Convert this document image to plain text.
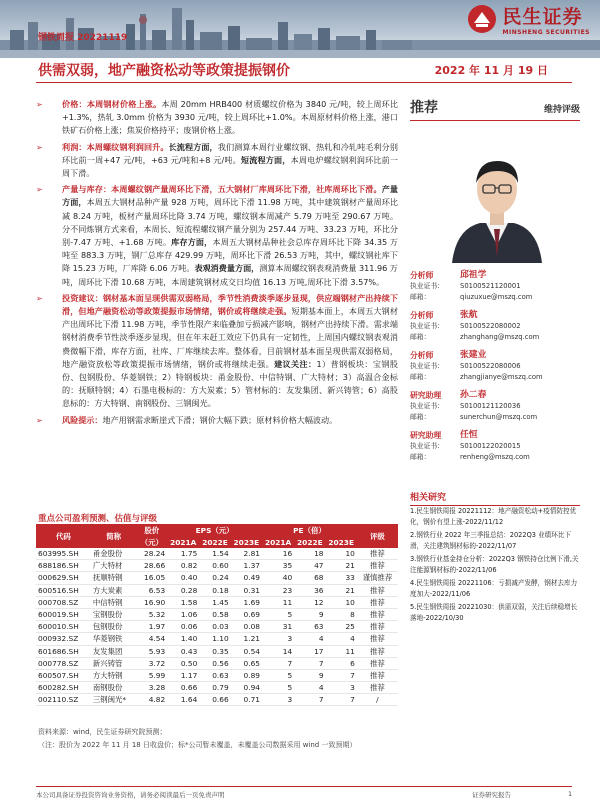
民生证券
MINSHENG SECURITIES
钢铁周报 20221119
供需双弱，地产融资松动等政策提振钢价	2022 年 11 月 19 日
➢ 价格：本周钢材价格上涨。本周 20mm HRB400 材质螺纹价格为 3840 元/吨，较上周环比+1.3%，热轧 3.0mm 价格为 3930 元/吨，较上周环比+1.0%。本周原材料价格上涨，港口铁矿石价格上涨；焦炭价格持平；废钢价格上涨。
➢ 利润：本周螺纹钢利润回升。长流程方面，我们测算本周行业螺纹钢、热轧和冷轧吨毛利分别环比前一周+47 元/吨，+63 元/吨和+8 元/吨。短流程方面，本周电炉螺纹钢利润环比前一周下滑。
➢ 产量与库存：本周螺纹钢产量周环比下滑，五大钢材厂库周环比下滑，社库周环比下滑。产量方面，本周五大钢材品种产量 928 万吨，周环比下滑 11.98 万吨，其中建筑钢材产量周环比减 8.24 万吨，板材产量周环比降 3.74 万吨，螺纹钢本周减产 5.79 万吨至 290.67 万吨。分不同炼钢方式来看，本周长、短流程螺纹钢产量分别为 257.44 万吨、33.23 万吨，环比分别-7.47 万吨、+1.68 万吨。库存方面，本周五大钢材品种社会总库存周环比下降 34.35 万吨至 883.3 万吨，钢厂总库存 429.99 万吨，周环比下滑 26.53 万吨，其中，螺纹钢社库下降 15.23 万吨，厂库降 6.06 万吨。表观消费量方面，测算本周螺纹钢表观消费量 311.96 万吨，周环比下滑 10.68 万吨，本周建筑钢材成交日均值 16.13 万吨,周环比下滑 3.57%。
➢ 投资建议：钢材基本面呈现供需双弱格局，季节性消费淡季逐步显现，供应端钢材产出持续下滑，但地产融资松动等政策提振市场情绪，钢价或将继续走强。短期基本面上，本周五大钢材产出周环比下滑 11.98 万吨，季节性限产来临叠加亏损减产影响，钢材产出持续下滑。需求端钢材消费季节性淡季逐步显现，但在年末赶工效应下仍具有一定韧性，上周国内螺纹钢表观消费微幅下滑，库存方面，社库、厂库继续去库。整体看，目前钢材基本面呈现供需双弱格局，地产融资放松等政策提振市场情绪，钢价或将继续走强。建议关注：1）普钢板块：宝钢股份、包钢股份、华菱钢铁；2）特钢板块：甬金股份、中信特钢、广大特材；3）高温合金标的：抚顺特钢；4）石墨电极标的：方大炭素；5）管材标的：友发集团、新兴铸管；6）高股息标的：方大特钢、南钢股份、三钢闽光。
➢ 风险提示：地产用钢需求断崖式下滑；钢价大幅下跌；原材料价格大幅波动。
重点公司盈利预测、估值与评级
代码	简称	股价	EPS（元）			PE（倍）			评级
		（元）	2021A	2022E	2023E	2021A	2022E	2023E	
603995.SH	甬金股份	28.24	1.75	1.54	2.81	16	18	10	推荐
688186.SH	广大特材	28.66	0.82	0.60	1.37	35	47	21	推荐
000629.SH	抚顺特钢	16.05	0.40	0.24	0.49	40	68	33	谨慎推荐
600516.SH	方大炭素	6.53	0.28	0.18	0.31	23	36	21	推荐
000708.SZ	中信特钢	16.90	1.58	1.45	1.69	11	12	10	推荐
600019.SH	宝钢股份	5.32	1.06	0.58	0.69	5	9	8	推荐
600010.SH	包钢股份	1.97	0.06	0.03	0.08	31	63	25	推荐
000932.SZ	华菱钢铁	4.54	1.40	1.10	1.21	3	4	4	推荐
601686.SH	友发集团	5.93	0.43	0.35	0.54	14	17	11	推荐
000778.SZ	新兴铸管	3.72	0.50	0.56	0.65	7	7	6	推荐
600507.SH	方大特钢	5.99	1.17	0.63	0.89	5	9	7	推荐
600282.SH	南钢股份	3.28	0.66	0.79	0.94	5	4	3	推荐
002110.SZ	三钢闽光*	4.82	1.64	0.66	0.71	3	7	7	/
资料来源：wind，民生证券研究院预测；
（注：股价为 2022 年 11 月 18 日收盘价；标*公司暂未覆盖，未覆盖公司数据采用 wind 一致预期）
推荐	维持评级
分析师	邱祖学
执业证书：	S0100521120001
邮箱：	qiuzuxue@mszq.com
分析师	张航
执业证书：	S0100522080002
邮箱：	zhanghang@mszq.com
分析师	张建业
执业证书：	S0100522080006
邮箱：	zhangjianye@mszq.com
研究助理	孙二春
执业证书：	S0100121120036
邮箱：	sunerchun@mszq.com
研究助理	任恒
执业证书：	S0100122020015
邮箱：	renheng@mszq.com
相关研究
1.民生钢铁周报 20221112：地产融资松动+疫情防控优化，钢价有望上涨-2022/11/12
2.钢铁行业 2022 年三季报总结：2022Q3 业绩环比下滑，关注建筑钢材标的-2022/11/07
3.钢铁行业基金持仓分析：2022Q3 钢铁持仓比例下滑,关注能源钢材标的-2022/11/06
4.民生钢铁周报 20221106：亏损减产发酵，钢材去库力度加大-2022/11/06
5.民生钢铁周报 20221030：供需双弱，关注后续稳增长落地-2022/10/30
本公司具备证券投资咨询业务资格，请务必阅读最后一页免责声明	证券研究报告	1
